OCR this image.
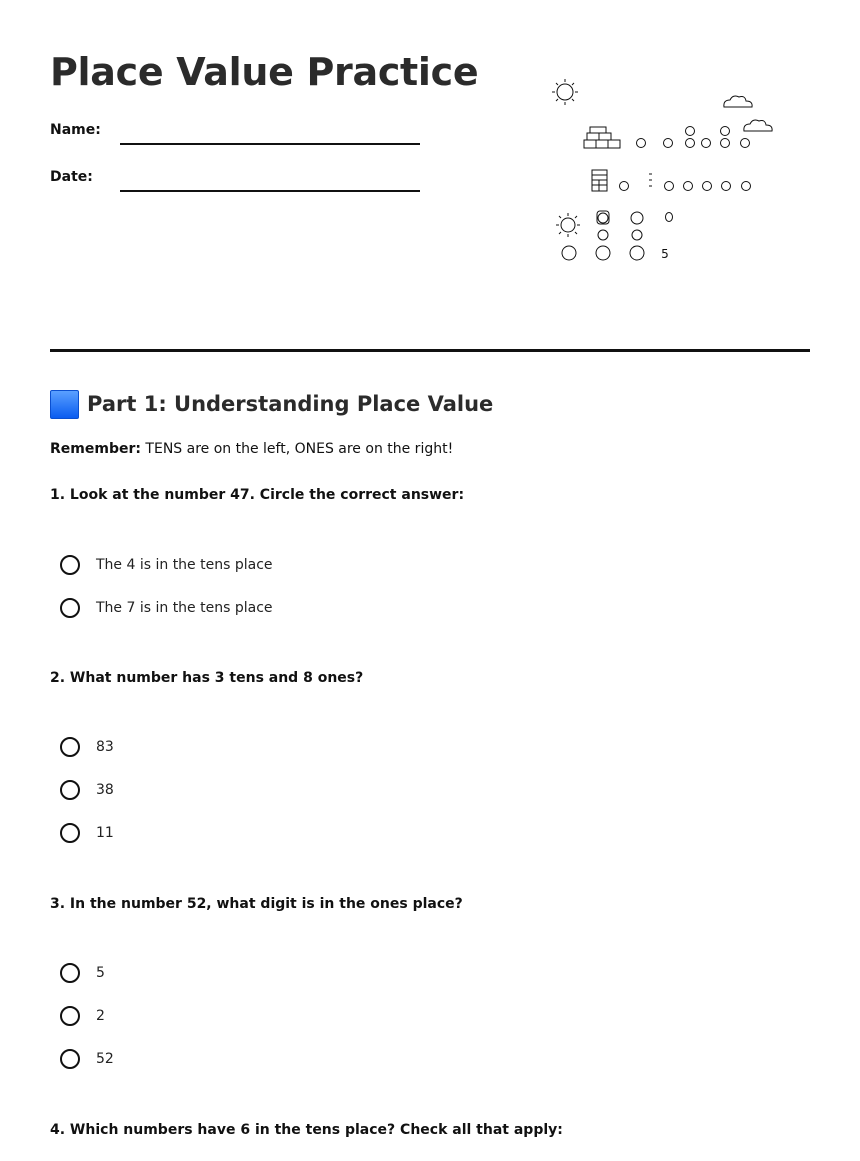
Place Value Practice
Name:
Date:
5
Part 1: Understanding Place Value
Remember: TENS are on the left, ONES are on the right!
1. Look at the number 47. Circle the correct answer:
The 4 is in the tens place
The 7 is in the tens place
2. What number has 3 tens and 8 ones?
83
38
11
3. In the number 52, what digit is in the ones place?
5
2
52
4. Which numbers have 6 in the tens place? Check all that apply:
